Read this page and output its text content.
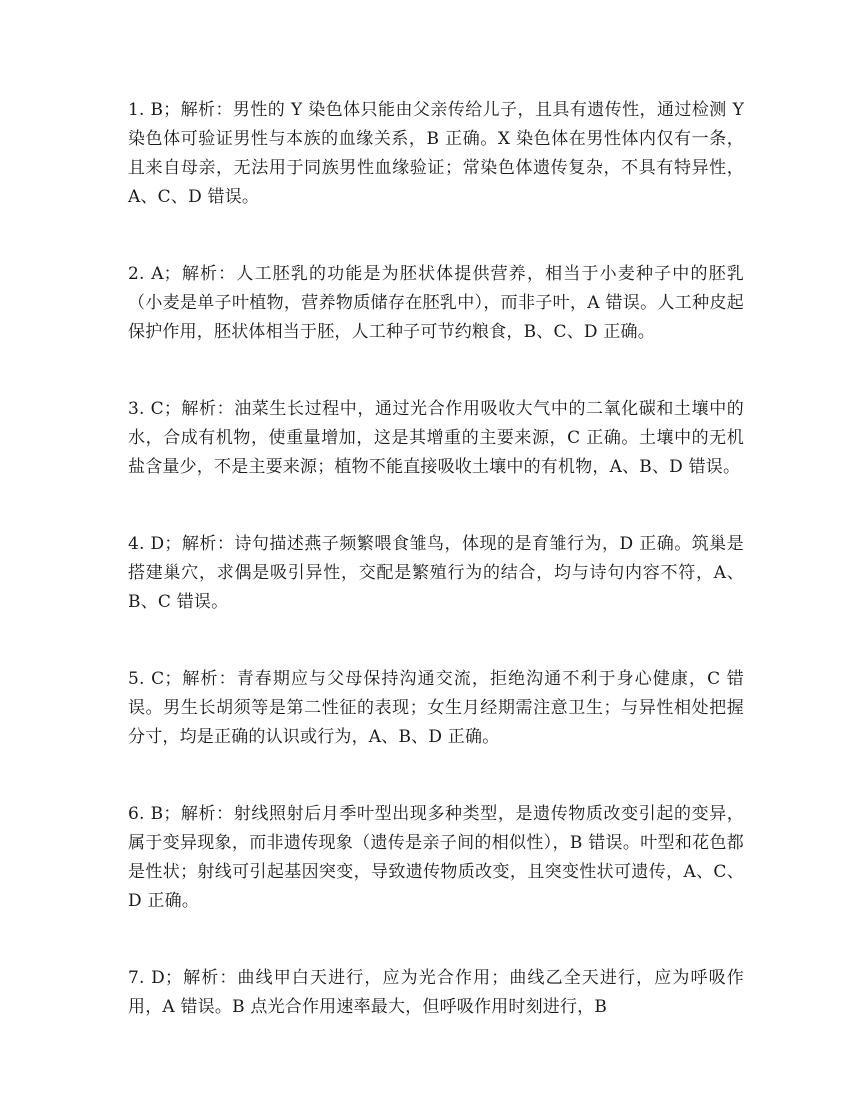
1. B；解析：男性的 Y 染色体只能由父亲传给儿子，且具有遗传性，通过检测 Y 染色体可验证男性与本族的血缘关系，B 正确。X 染色体在男性体内仅有一条，且来自母亲，无法用于同族男性血缘验证；常染色体遗传复杂，不具有特异性，A、C、D 错误。

2. A；解析：人工胚乳的功能是为胚状体提供营养，相当于小麦种子中的胚乳（小麦是单子叶植物，营养物质储存在胚乳中），而非子叶，A 错误。人工种皮起保护作用，胚状体相当于胚，人工种子可节约粮食，B、C、D 正确。

3. C；解析：油菜生长过程中，通过光合作用吸收大气中的二氧化碳和土壤中的水，合成有机物，使重量增加，这是其增重的主要来源，C 正确。土壤中的无机盐含量少，不是主要来源；植物不能直接吸收土壤中的有机物，A、B、D 错误。

4. D；解析：诗句描述燕子频繁喂食雏鸟，体现的是育雏行为，D 正确。筑巢是搭建巢穴，求偶是吸引异性，交配是繁殖行为的结合，均与诗句内容不符，A、B、C 错误。

5. C；解析：青春期应与父母保持沟通交流，拒绝沟通不利于身心健康，C 错误。男生长胡须等是第二性征的表现；女生月经期需注意卫生；与异性相处把握分寸，均是正确的认识或行为，A、B、D 正确。

6. B；解析：射线照射后月季叶型出现多种类型，是遗传物质改变引起的变异，属于变异现象，而非遗传现象（遗传是亲子间的相似性），B 错误。叶型和花色都是性状；射线可引起基因突变，导致遗传物质改变，且突变性状可遗传，A、C、D 正确。

7. D；解析：曲线甲白天进行，应为光合作用；曲线乙全天进行，应为呼吸作用，A 错误。B 点光合作用速率最大，但呼吸作用时刻进行，B
